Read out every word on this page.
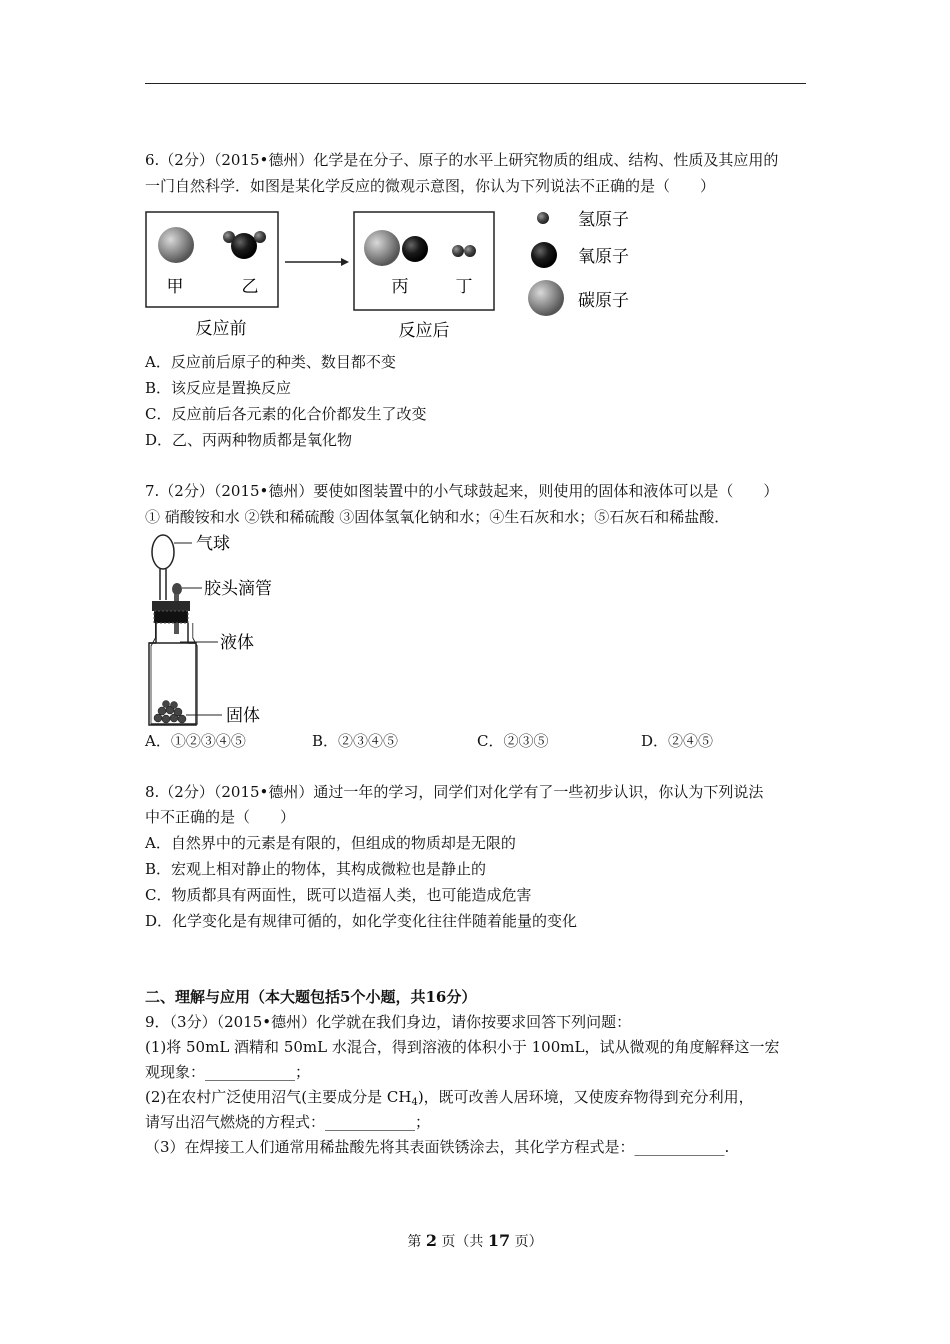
6.（2分）（2015•德州）化学是在分子、原子的水平上研究物质的组成、结构、性质及其应用的
一门自然科学．如图是某化学反应的微观示意图，你认为下列说法不正确的是（　　）
甲	乙	丙	丁
反应前	反应后
氢原子
氧原子
碳原子
A．反应前后原子的种类、数目都不变
B．该反应是置换反应
C．反应前后各元素的化合价都发生了改变
D．乙、丙两种物质都是氧化物
7.（2分）（2015•德州）要使如图装置中的小气球鼓起来，则使用的固体和液体可以是（　　）
① 硝酸铵和水 ②铁和稀硫酸 ③固体氢氧化钠和水；④生石灰和水；⑤石灰石和稀盐酸．
气球
胶头滴管
液体
固体
A．①②③④⑤	B．②③④⑤	C．②③⑤	D．②④⑤
8.（2分）（2015•德州）通过一年的学习，同学们对化学有了一些初步认识，你认为下列说法
中不正确的是（　　）
A．自然界中的元素是有限的，但组成的物质却是无限的
B．宏观上相对静止的物体，其构成微粒也是静止的
C．物质都具有两面性，既可以造福人类，也可能造成危害
D．化学变化是有规律可循的，如化学变化往往伴随着能量的变化
二、理解与应用（本大题包括5个小题，共16分）
9．（3分）（2015•德州）化学就在我们身边，请你按要求回答下列问题：
(1)将 50mL 酒精和 50mL 水混合，得到溶液的体积小于 100mL，试从微观的角度解释这一宏
观现象：____________；
(2)在农村广泛使用沼气(主要成分是 $CH_4$)，既可改善人居环境，又使废弃物得到充分利用，
请写出沼气燃烧的方程式：____________；
（3）在焊接工人们通常用稀盐酸先将其表面铁锈涂去，其化学方程式是：____________.
第 2 页（共 17 页）
